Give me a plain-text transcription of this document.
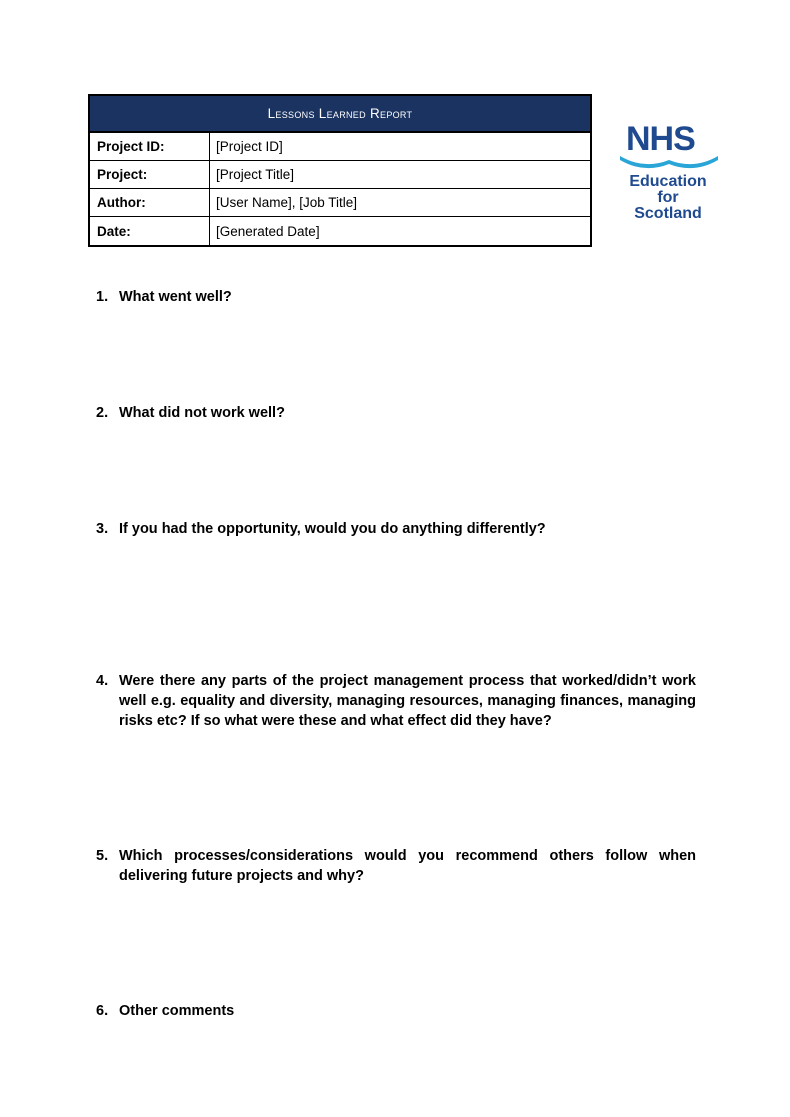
Lessons Learned Report
Project ID:	[Project ID]
Project:	[Project Title]
Author:	[User Name], [Job Title]
Date:	[Generated Date]
NHS
Education
for
Scotland
1. What went well?
2. What did not work well?
3. If you had the opportunity, would you do anything differently?
4. Were there any parts of the project management process that worked/didn’t work well e.g. equality and diversity, managing resources, managing finances, managing risks etc? If so what were these and what effect did they have?
5. Which processes/considerations would you recommend others follow when delivering future projects and why?
6. Other comments
